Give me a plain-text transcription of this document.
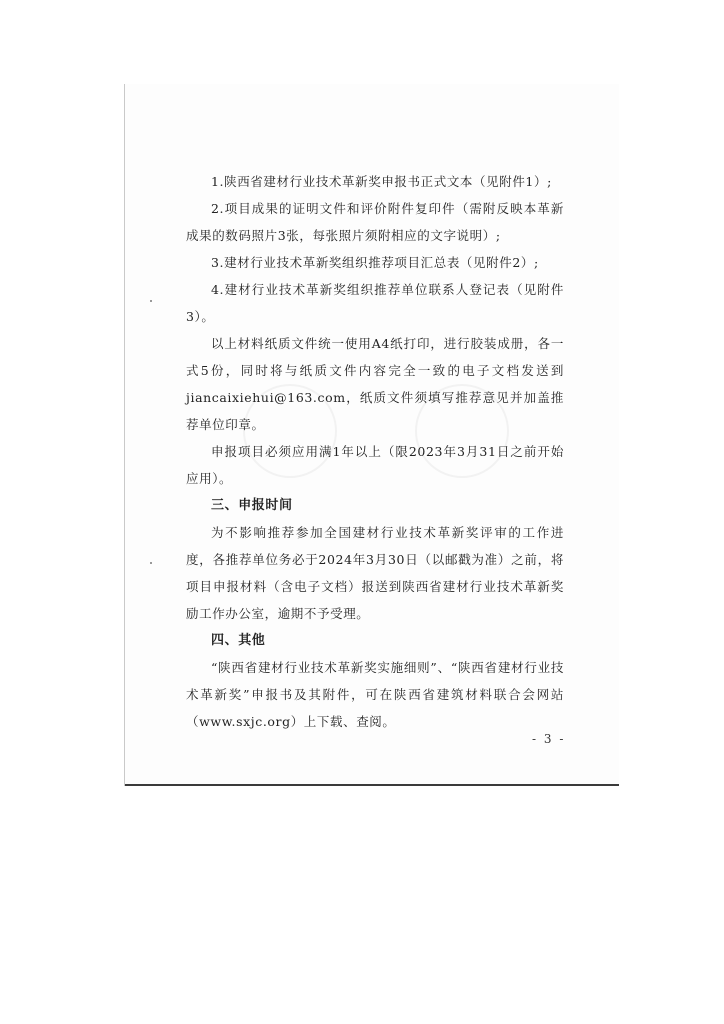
1.陕西省建材行业技术革新奖申报书正式文本（见附件1）;

2.项目成果的证明文件和评价附件复印件（需附反映本革新成果的数码照片3张，每张照片须附相应的文字说明）;

3.建材行业技术革新奖组织推荐项目汇总表（见附件2）;

4.建材行业技术革新奖组织推荐单位联系人登记表（见附件3）。

以上材料纸质文件统一使用A4纸打印，进行胶装成册，各一式5份，同时将与纸质文件内容完全一致的电子文档发送到jiancaixiehui@163.com，纸质文件须填写推荐意见并加盖推荐单位印章。

申报项目必须应用满1年以上（限2023年3月31日之前开始应用）。

三、申报时间

为不影响推荐参加全国建材行业技术革新奖评审的工作进度，各推荐单位务必于2024年3月30日（以邮戳为准）之前，将项目申报材料（含电子文档）报送到陕西省建材行业技术革新奖励工作办公室，逾期不予受理。

四、其他

“陕西省建材行业技术革新奖实施细则”、“陕西省建材行业技术革新奖”申报书及其附件，可在陕西省建筑材料联合会网站（www.sxjc.org）上下载、查阅。

- 3 -
